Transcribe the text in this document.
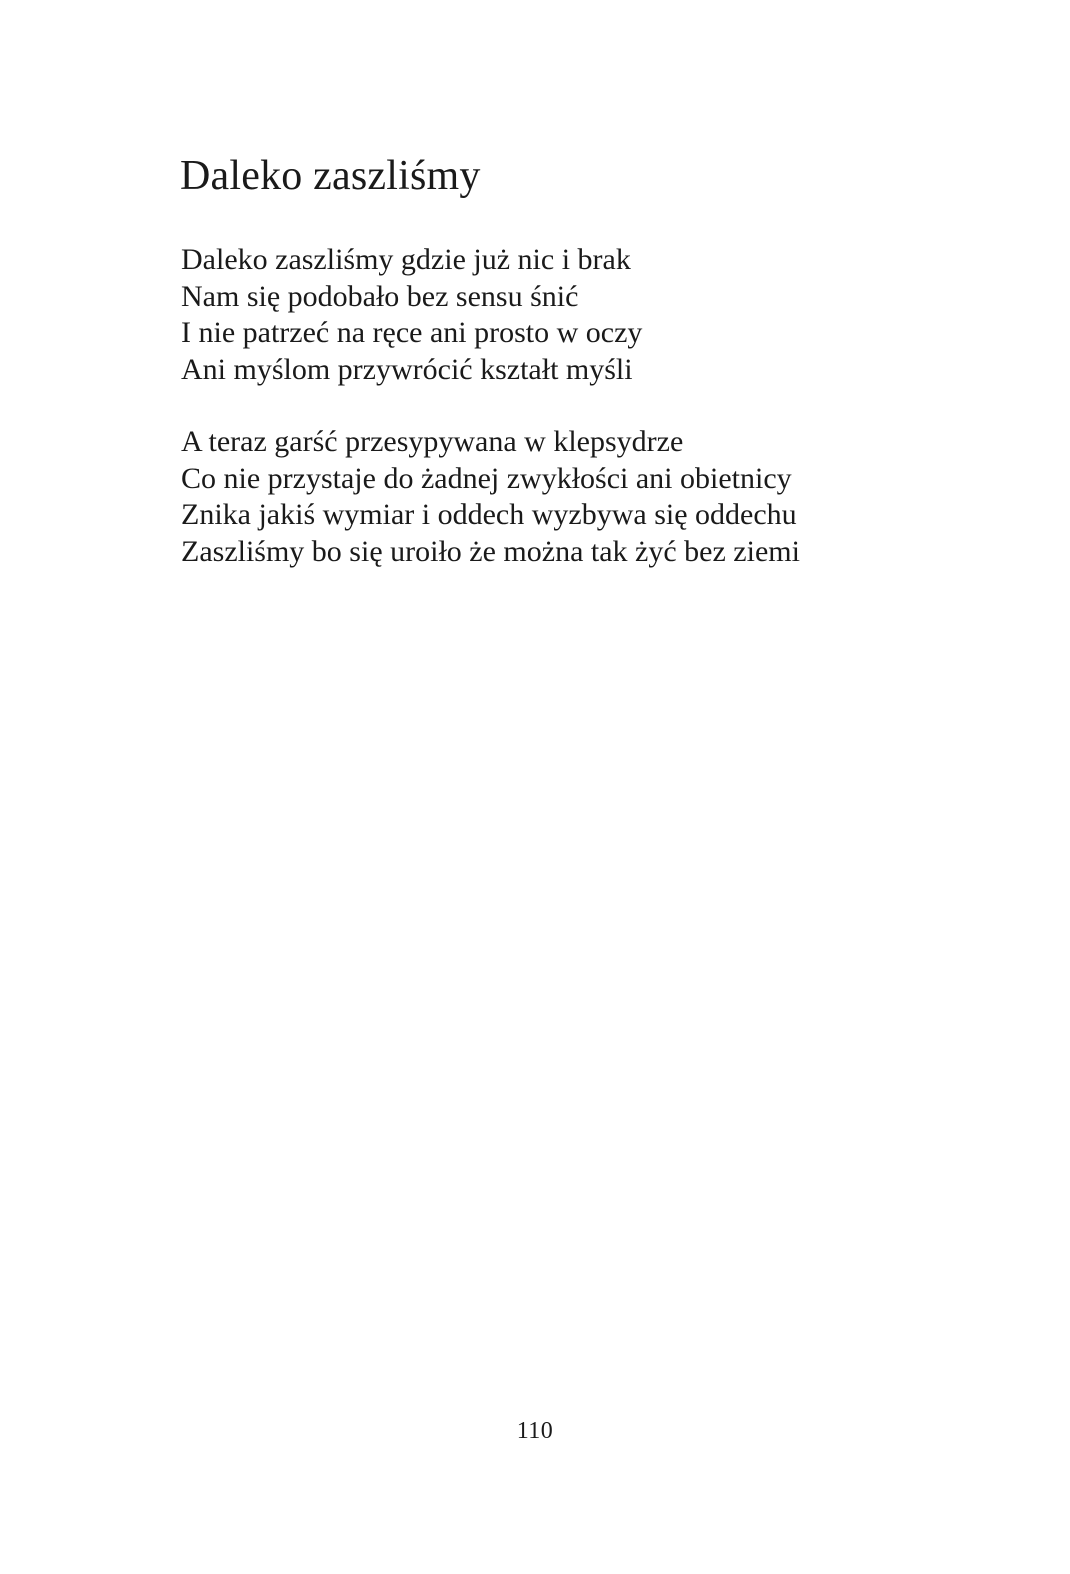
Daleko zaszliśmy
Daleko zaszliśmy gdzie już nic i brak
Nam się podobało bez sensu śnić
I nie patrzeć na ręce ani prosto w oczy
Ani myślom przywrócić kształt myśli
A teraz garść przesypywana w klepsydrze
Co nie przystaje do żadnej zwykłości ani obietnicy
Znika jakiś wymiar i oddech wyzbywa się oddechu
Zaszliśmy bo się uroiło że można tak żyć bez ziemi
110
